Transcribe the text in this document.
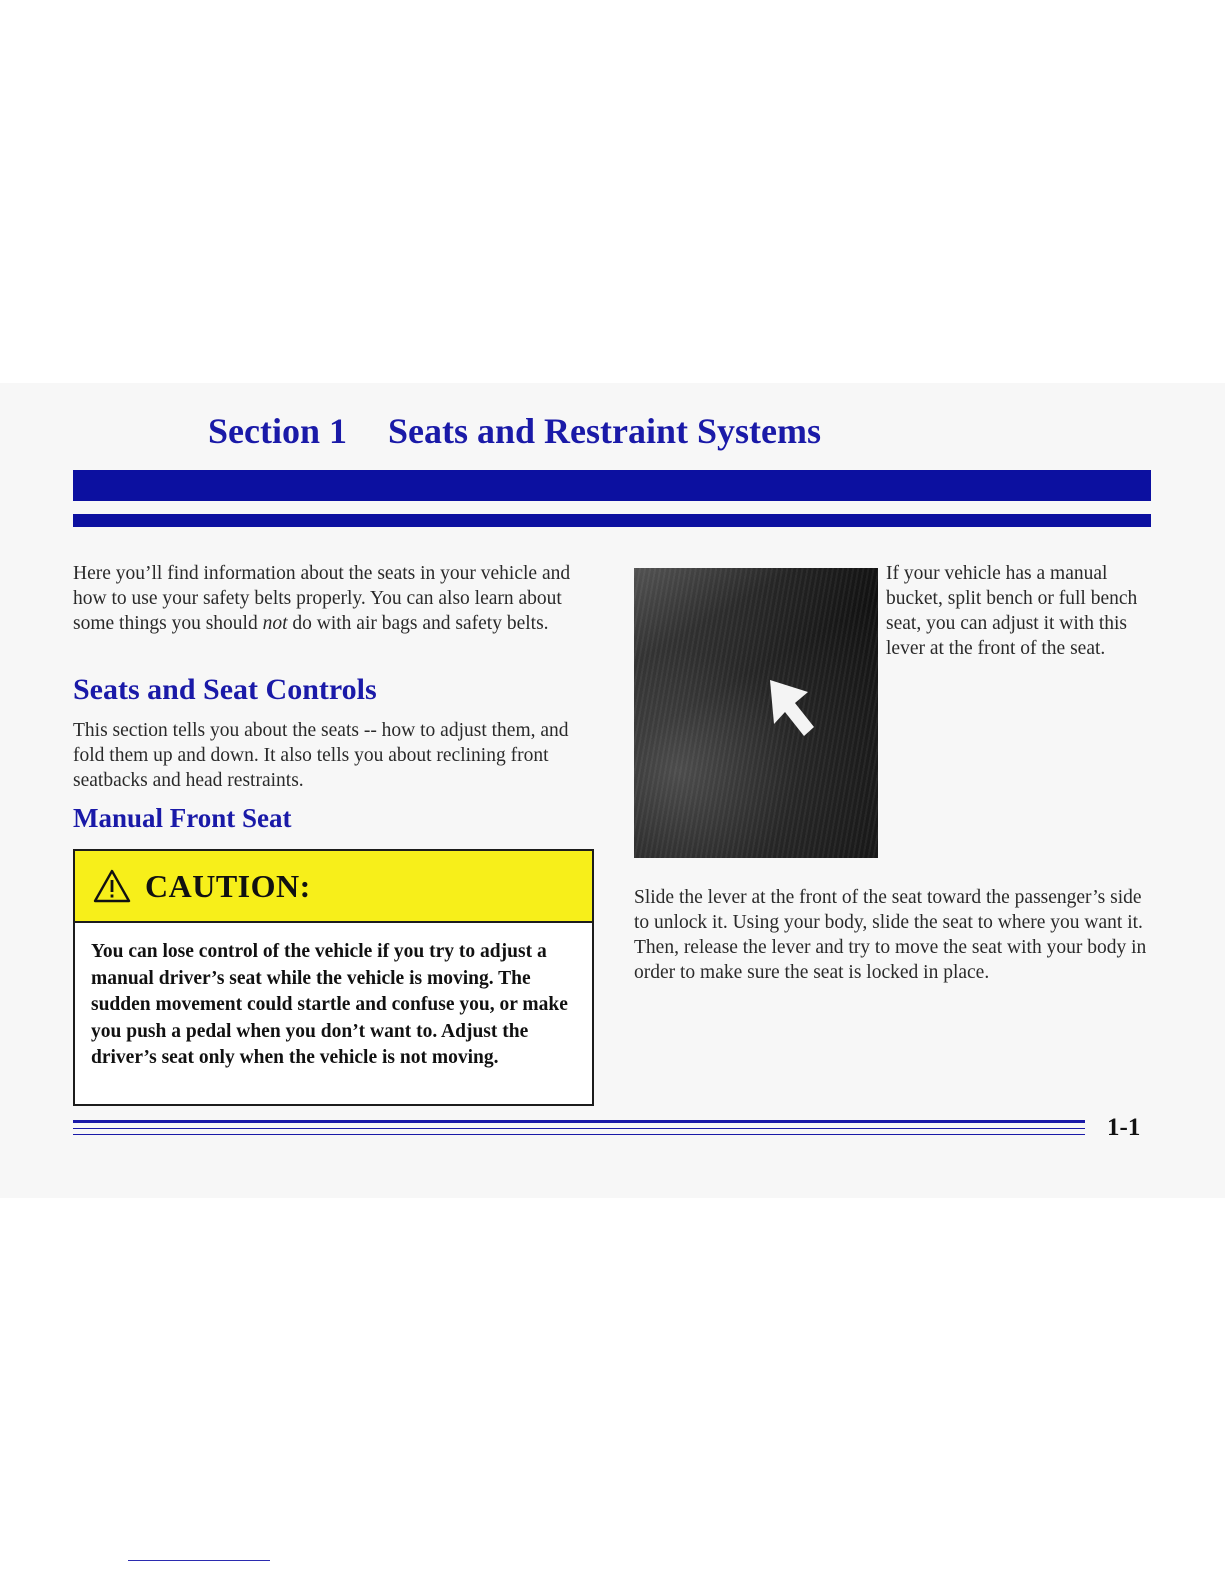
Section 1 Seats and Restraint Systems

Here you’ll find information about the seats in your vehicle and how to use your safety belts properly. You can also learn about some things you should not do with air bags and safety belts.

Seats and Seat Controls

This section tells you about the seats -- how to adjust them, and fold them up and down. It also tells you about reclining front seatbacks and head restraints.

Manual Front Seat
CAUTION:

You can lose control of the vehicle if you try to adjust a manual driver’s seat while the vehicle is moving. The sudden movement could startle and confuse you, or make you push a pedal when you don’t want to. Adjust the driver’s seat only when the vehicle is not moving.

If your vehicle has a manual bucket, split bench or full bench seat, you can adjust it with this lever at the front of the seat.

Slide the lever at the front of the seat toward the passenger’s side to unlock it. Using your body, slide the seat to where you want it. Then, release the lever and try to move the seat with your body in order to make sure the seat is locked in place.

1-1
